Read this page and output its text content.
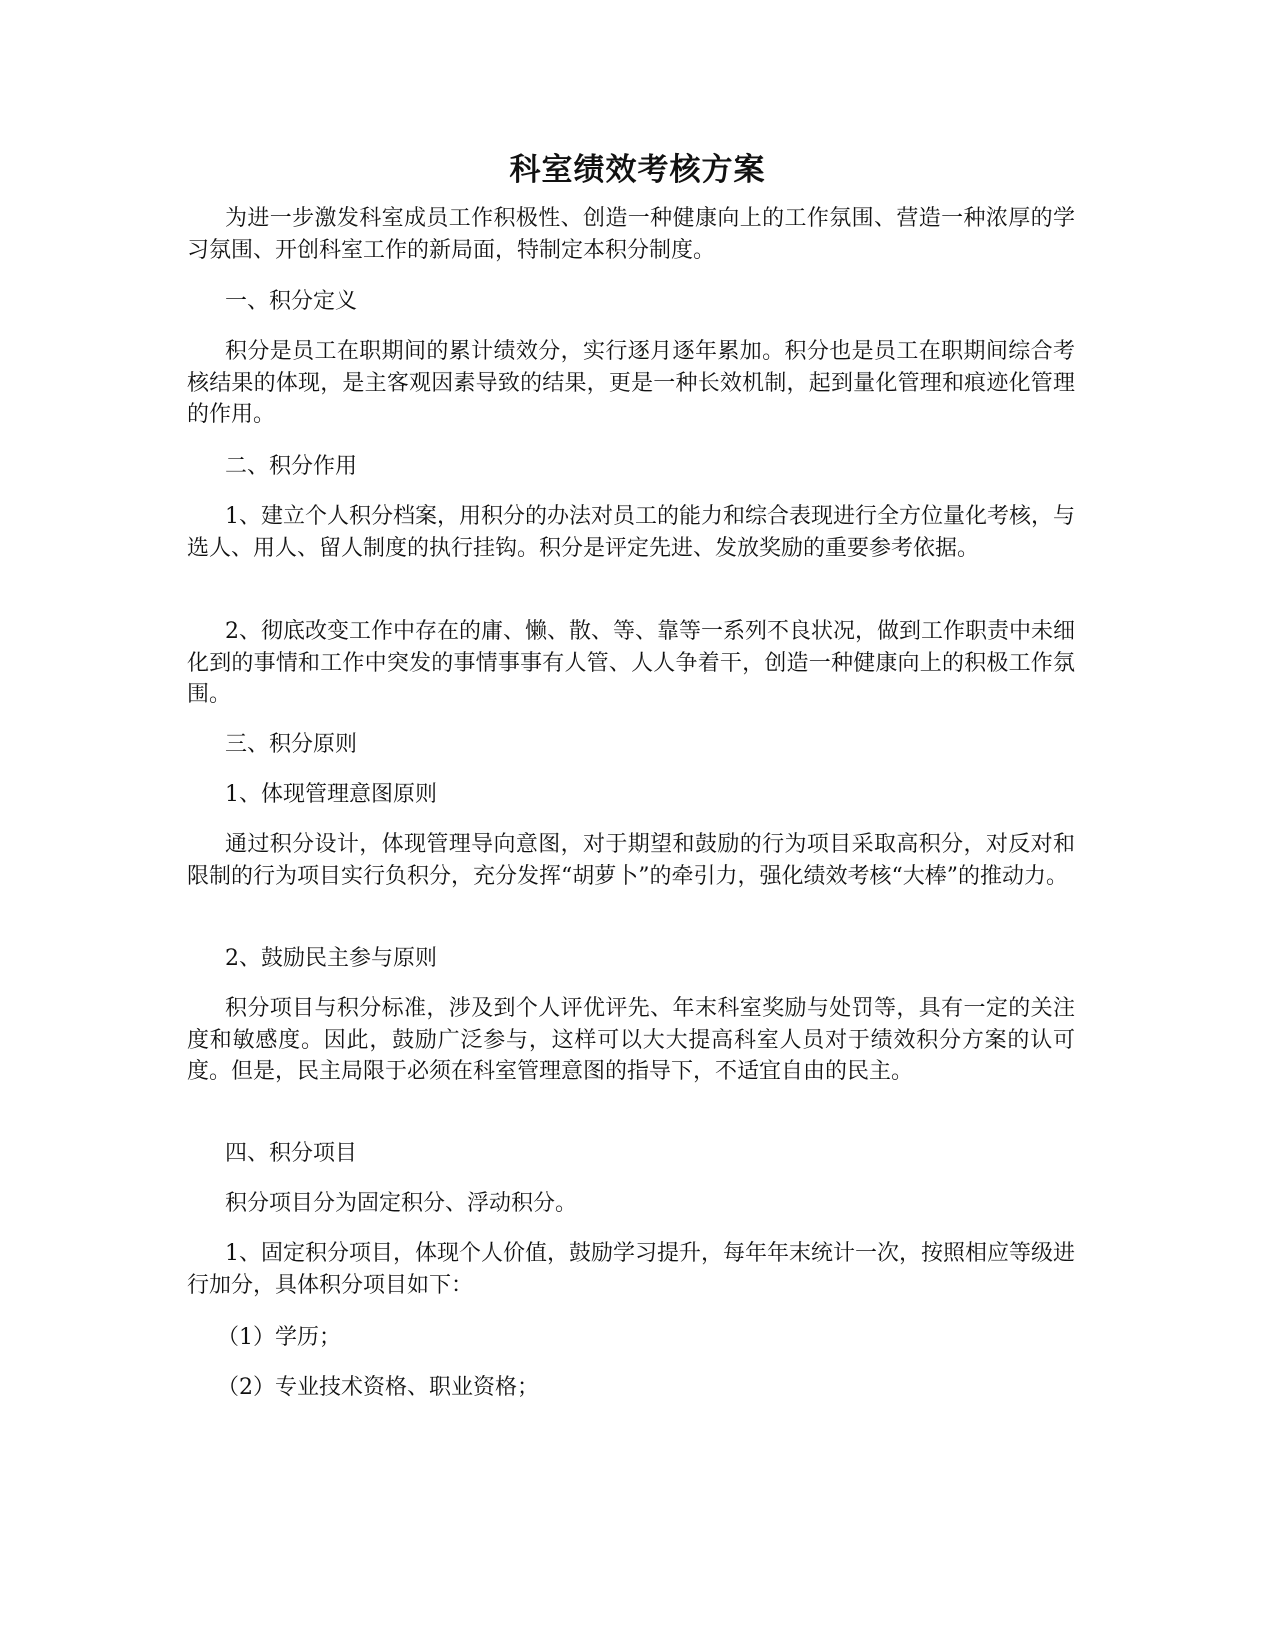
科室绩效考核方案

为进一步激发科室成员工作积极性、创造一种健康向上的工作氛围、营造一种浓厚的学习氛围、开创科室工作的新局面，特制定本积分制度。

一、积分定义

积分是员工在职期间的累计绩效分，实行逐月逐年累加。积分也是员工在职期间综合考核结果的体现，是主客观因素导致的结果，更是一种长效机制，起到量化管理和痕迹化管理的作用。

二、积分作用

1、建立个人积分档案，用积分的办法对员工的能力和综合表现进行全方位量化考核，与选人、用人、留人制度的执行挂钩。积分是评定先进、发放奖励的重要参考依据。

2、彻底改变工作中存在的庸、懒、散、等、靠等一系列不良状况，做到工作职责中未细化到的事情和工作中突发的事情事事有人管、人人争着干，创造一种健康向上的积极工作氛围。

三、积分原则

1、体现管理意图原则

通过积分设计，体现管理导向意图，对于期望和鼓励的行为项目采取高积分，对反对和限制的行为项目实行负积分，充分发挥“胡萝卜”的牵引力，强化绩效考核“大棒”的推动力。

2、鼓励民主参与原则

积分项目与积分标准，涉及到个人评优评先、年末科室奖励与处罚等，具有一定的关注度和敏感度。因此，鼓励广泛参与，这样可以大大提高科室人员对于绩效积分方案的认可度。但是，民主局限于必须在科室管理意图的指导下，不适宜自由的民主。

四、积分项目

积分项目分为固定积分、浮动积分。

1、固定积分项目，体现个人价值，鼓励学习提升，每年年末统计一次，按照相应等级进行加分，具体积分项目如下：

（1）学历；

（2）专业技术资格、职业资格；
